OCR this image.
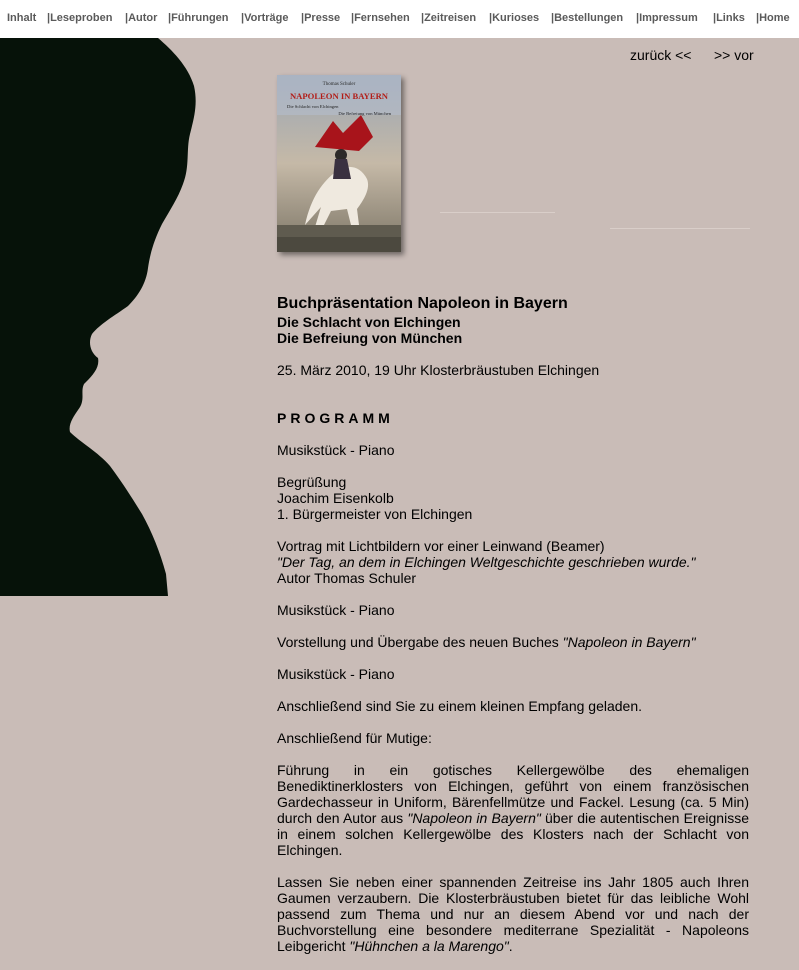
Inhalt |Leseproben |Autor |Führungen |Vorträge |Presse |Fernsehen |Zeitreisen |Kurioses |Bestellungen |Impressum |Links |Home
zurück << >> vor
Thomas Schuler
NAPOLEON IN BAYERN
Die Schlacht von Elchingen
Die Befreiung von München
Buchpräsentation Napoleon in Bayern
Die Schlacht von Elchingen

Die Befreiung von München

25. März 2010, 19 Uhr Klosterbräustuben Elchingen

PROGRAMM

Musikstück - Piano

Begrüßung
Joachim Eisenkolb

1. Bürgermeister von Elchingen

Vortrag mit Lichtbildern vor einer Leinwand (Beamer)
"Der Tag, an dem in Elchingen Weltgeschichte geschrieben wurde."

Autor Thomas Schuler

Musikstück - Piano

Vorstellung und Übergabe des neuen Buches "Napoleon in Bayern"

Musikstück - Piano

Anschließend sind Sie zu einem kleinen Empfang geladen.

Anschließend für Mutige:

Führung in ein gotisches Kellergewölbe des ehemaligen Benediktinerklosters von Elchingen, geführt von einem französischen Gardechasseur in Uniform, Bärenfellmütze und Fackel. Lesung (ca. 5 Min) durch den Autor aus "Napoleon in Bayern" über die autentischen Ereignisse in einem solchen Kellergewölbe des Klosters nach der Schlacht von Elchingen.

Lassen Sie neben einer spannenden Zeitreise ins Jahr 1805 auch Ihren Gaumen verzaubern. Die Klosterbräustuben bietet für das leibliche Wohl passend zum Thema und nur an diesem Abend vor und nach der Buchvorstellung eine besondere mediterrane Spezialität - Napoleons Leibgericht "Hühnchen a la Marengo".
